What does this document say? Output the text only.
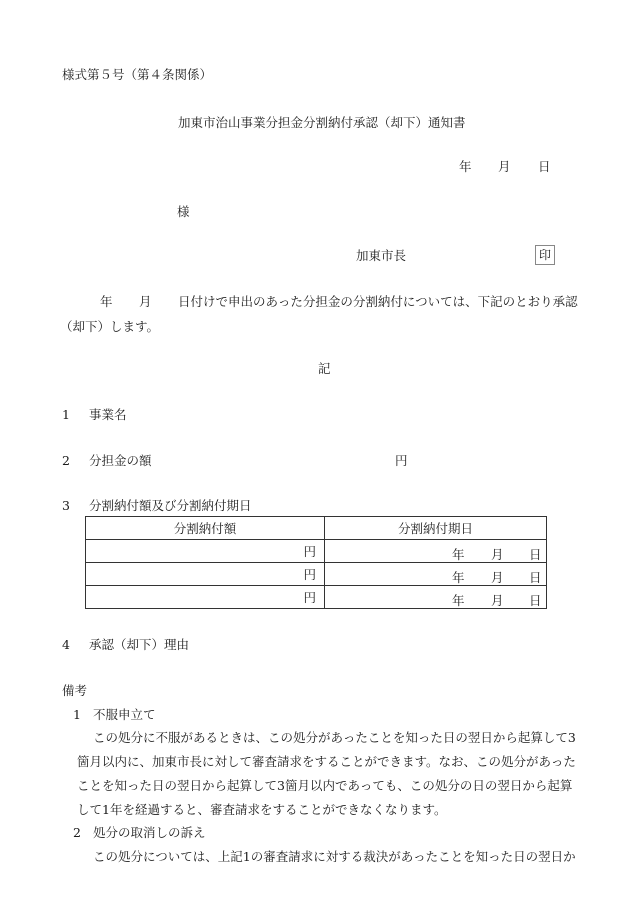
様式第５号（第４条関係）
加東市治山事業分担金分割納付承認（却下）通知書
年 月 日
様
加東市長	印
年 月 日付けで申出のあった分担金の分割納付については、下記のとおり承認
（却下）します。
記
1 事業名
2 分担金の額	円
3 分割納付額及び分割納付期日
分割納付額	分割納付期日
円	年 月 日

円	年 月 日

円	年 月 日
4 承認（却下）理由
備考
1 不服申立て
この処分に不服があるときは、この処分があったことを知った日の翌日から起算して3
箇月以内に、加東市長に対して審査請求をすることができます。なお、この処分があった
ことを知った日の翌日から起算して3箇月以内であっても、この処分の日の翌日から起算
して1年を経過すると、審査請求をすることができなくなります。
2 処分の取消しの訴え
この処分については、上記1の審査請求に対する裁決があったことを知った日の翌日か
